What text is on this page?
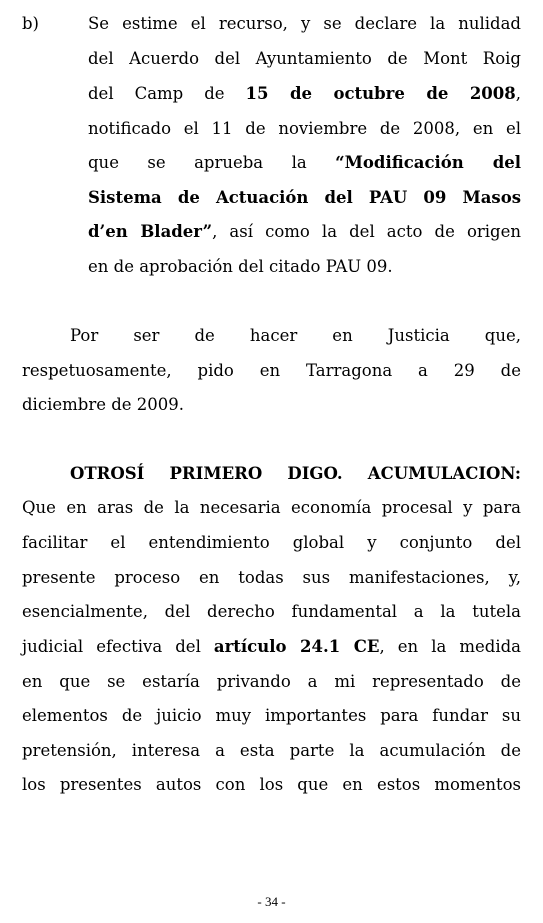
b)	Se estime el recurso, y se declare la nulidad
del Acuerdo del Ayuntamiento de Mont Roig
del Camp de 15 de octubre de 2008,
notificado el 11 de noviembre de 2008, en el
que se aprueba la “Modificación del
Sistema de Actuación del PAU 09 Masos
d’en Blader”, así como la del acto de origen
en de aprobación del citado PAU 09.
Por ser de hacer en Justicia que,
respetuosamente, pido en Tarragona a 29 de
diciembre de 2009.
OTROSÍ PRIMERO DIGO. ACUMULACION:
Que en aras de la necesaria economía procesal y para
facilitar el entendimiento global y conjunto del
presente proceso en todas sus manifestaciones, y,
esencialmente, del derecho fundamental a la tutela
judicial efectiva del artículo 24.1 CE, en la medida
en que se estaría privando a mi representado de
elementos de juicio muy importantes para fundar su
pretensión, interesa a esta parte la acumulación de
los presentes autos con los que en estos momentos
- 34 -
